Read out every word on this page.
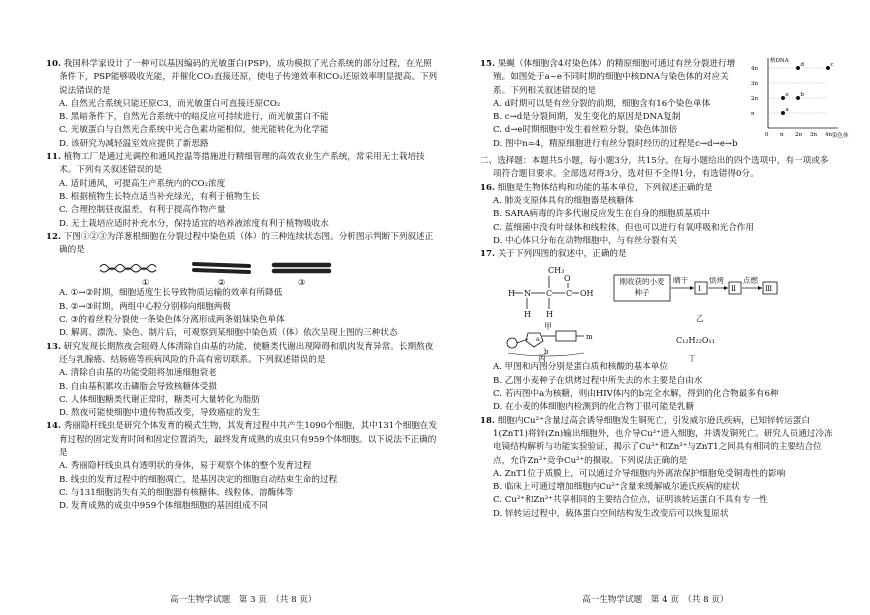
10. 我国科学家设计了一种可以基因编码的光敏蛋白(PSP)，成功模拟了光合系统的部分过程，在光照条件下，PSP能够吸收光能，并催化CO₂直接还原，使电子传递效率和CO₂还原效率明显提高。下列说法错误的是
A. 自然光合系统只能还原C3，而光敏蛋白可直接还原CO₂
B. 黑暗条件下，自然光合系统中的暗反应可持续进行，而光敏蛋白不能
C. 光敏蛋白与自然光合系统中光合色素功能相似，使光能转化为化学能
D. 该研究为减轻温室效应提供了新思路
11. 植物工厂是通过光调控和通风控温等措施进行精细管理的高效农业生产系统，常采用无土栽培技术。下列有关叙述错误的是
A. 适时通风，可提高生产系统内的CO₂浓度
B. 根据植物生长特点适当补充绿光，有利于植物生长
C. 合理控制昼夜温差，有利于提高作物产量
D. 无土栽培应适时补充水分，保持适宜的培养液浓度有利于植物吸收水
12. 下图①②③为洋葱根细胞在分裂过程中染色质（体）的三种连续状态图。分析图示判断下列叙述正确的是
①	②	③
A. ①→②时期，细胞适度生长导致物质运输的效率有所降低
B. ②→③时期，两组中心粒分别移向细胞两极
C. ③的着丝粒分裂使一条染色体分离形成两条姐妹染色单体
D. 解离、漂洗、染色、制片后，可观察到某细胞中染色质（体）依次呈现上图的三种状态
13. 研究发现长期熬夜会阻碍人体清除自由基的功能，使糖类代谢出现障碍和肌肉发育异常。长期熬夜还与乳腺癌、结肠癌等疾病风险的升高有密切联系。下列叙述错误的是
A. 清除自由基的功能受阻将加速细胞衰老
B. 自由基积累攻击磷脂会导致核糖体受损
C. 人体细胞糖类代谢正常时，糖类可大量转化为脂肪
D. 熬夜可能使细胞中遗传物质改变，导致癌症的发生
14. 秀丽隐杆线虫是研究个体发育的模式生物，其发育过程中共产生1090个细胞，其中131个细胞在发育过程的固定发育时间和固定位置消失，最终发育成熟的成虫只有959个体细胞。以下说法不正确的是
A. 秀丽隐杆线虫具有透明状的身体，易于观察个体的整个发育过程
B. 线虫的发育过程中的细胞凋亡，是基因决定的细胞自动结束生命的过程
C. 与131细胞消失有关的细胞器有核糖体、线粒体、溶酶体等
D. 发育成熟的成虫中959个体细胞细胞的基因组成不同
高一生物学试题　第 3 页　（共 8 页）
核DNA
染色体
0 n 2n 3n 4n
n
2n
3n
4n
a
b
c
d
e
15. 果蝇（体细胞含4对染色体）的精原细胞可通过有丝分裂进行增殖。如图处于a~e不同时期的细胞中核DNA与染色体的对应关系。下列相关叙述错误的是
A. d时期可以是有丝分裂的前期，细胞含有16个染色单体
B. c→d是分裂间期，发生变化的原因是DNA复制
C. d→e时期细胞中发生着丝粒分裂，染色体加倍
D. 图中n=4，精原细胞进行有丝分裂时经历的过程是c→d→e→b
二、选择题：本题共5小题，每小题3分，共15分。在每小题给出的四个选项中，有一项或多项符合题目要求。全部选对得3分，选对但不全得1分，有选错得0分。
16. 细胞是生物体结构和功能的基本单位，下列叙述正确的是
A. 肺炎支原体具有的细胞器是核糖体
B. SARA病毒的许多代谢反应发生在自身的细胞质基质中
C. 蓝细菌中没有叶绿体和线粒体，但也可以进行有氧呼吸和光合作用
D. 中心体只分布在动物细胞中，与有丝分裂有关
17. 关于下列四图的叙述中，正确的是
CH₃
H N C C OH
O
H H
甲
刚收获的小麦种子
晒干
Ⅰ
烘烤
Ⅱ
点燃
Ⅲ
乙
a	m
b
丙
C₁₂H₂₂O₁₁
丁
A. 甲图和丙图分别是蛋白质和核酸的基本单位
B. 乙图小麦种子在烘烤过程中所失去的水主要是自由水
C. 若丙图中a为核糖，则由HIV体内的b完全水解，得到的化合物最多有6种
D. 在小麦的体细胞内检测到的化合物丁很可能是乳糖
18. 细胞内Cu²⁺含量过高会诱导细胞发生铜死亡，引发威尔逊氏疾病，已知锌转运蛋白1(ZnT1)将锌(Zn)输出细胞外，也介导Cu²⁺进入细胞，并诱发铜死亡。研究人员通过冷冻电镜结构解析与功能实验验证，揭示了Cu²⁺和Zn²⁺与ZnT1之间具有相同的主要结合位点，允许Zn²⁺竞争Cu²⁺的摄取。下列说法正确的是
A. ZnT1位于质膜上，可以通过介导细胞内外离浓保护细胞免受铜毒性的影响
B. 临床上可通过增加细胞内Cu²⁺含量来缓解威尔逊氏疾病的症状
C. Cu²⁺和Zn²⁺共享相同的主要结合位点，证明该转运蛋白不具有专一性
D. 锌转运过程中，载体蛋白空间结构发生改变后可以恢复原状
高一生物学试题　第 4 页　（共 8 页）
